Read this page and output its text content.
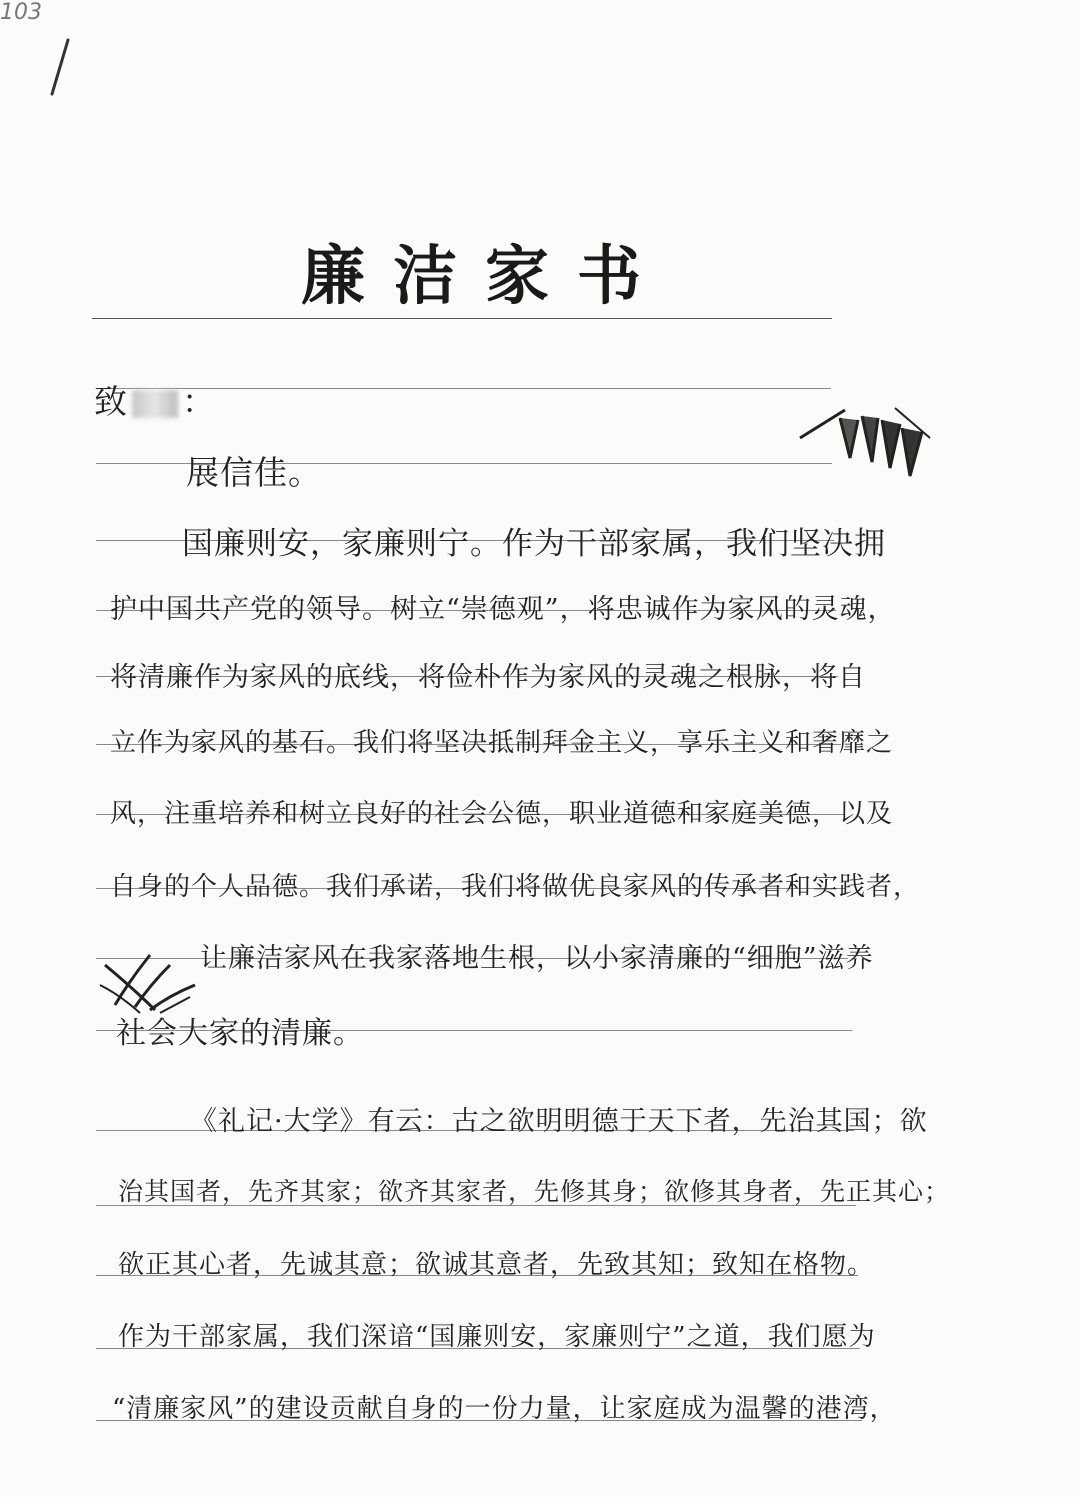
103
廉洁家书
致 ：
展信佳。
国廉则安，家廉则宁。作为干部家属，我们坚决拥
护中国共产党的领导。树立“崇德观”，将忠诚作为家风的灵魂，
将清廉作为家风的底线，将俭朴作为家风的灵魂之根脉，将自
立作为家风的基石。我们将坚决抵制拜金主义，享乐主义和奢靡之
风，注重培养和树立良好的社会公德，职业道德和家庭美德，以及
自身的个人品德。我们承诺，我们将做优良家风的传承者和实践者，
让廉洁家风在我家落地生根，以小家清廉的“细胞”滋养
社会大家的清廉。
《礼记·大学》有云：古之欲明明德于天下者，先治其国；欲
治其国者，先齐其家；欲齐其家者，先修其身；欲修其身者，先正其心；
欲正其心者，先诚其意；欲诚其意者，先致其知；致知在格物。
作为干部家属，我们深谙“国廉则安，家廉则宁”之道，我们愿为
“清廉家风”的建设贡献自身的一份力量，让家庭成为温馨的港湾，
